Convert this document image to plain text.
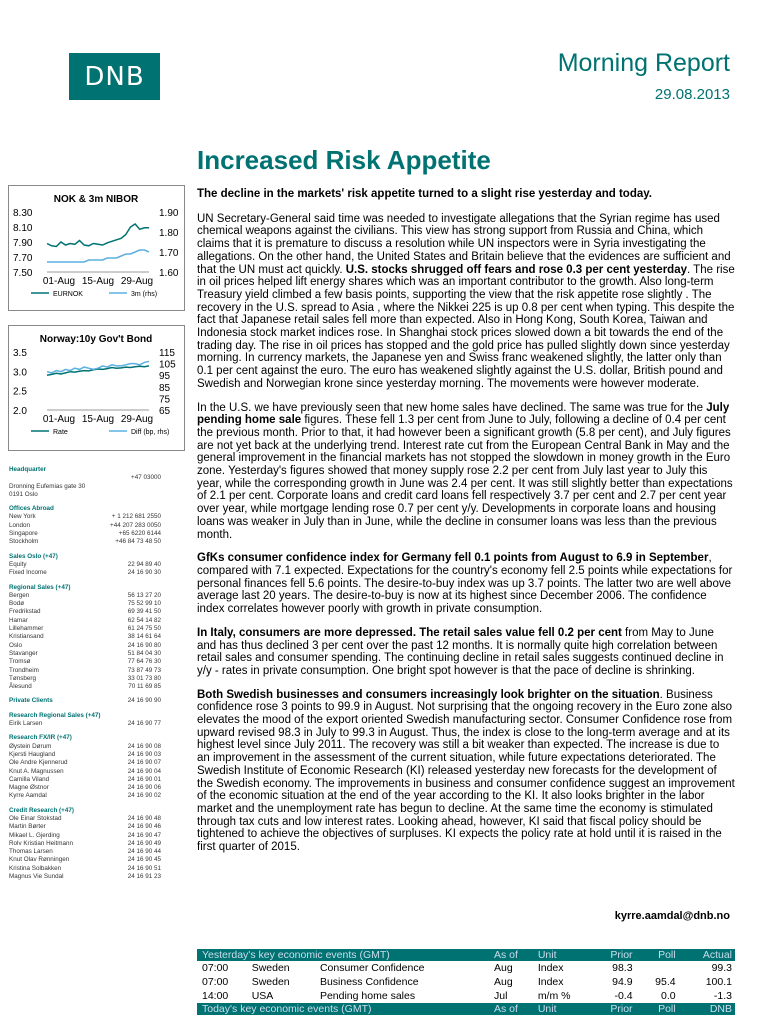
DNB	Morning Report
29.08.2013
Increased Risk Appetite
NOK & 3m NIBOR
8.30
8.10
7.90
7.70
7.50
1.90
1.80
1.70
1.60
01-Aug 15-Aug 29-Aug
EURNOK	3m (rhs)
Norway:10y Gov't Bond
3.5
3.0
2.5
2.0
115
105
95
85
75
65
01-Aug 15-Aug 29-Aug
Rate	Diff (bp, rhs)
Headquarter
+47 03000
Dronning Eufemias gate 30
0191 Oslo
Offices Abroad
New York	+ 1 212 681 2550
London	+44 207 283 0050
Singapore	+65 6220 6144
Stockholm	+46 84 73 48 50
Sales Oslo (+47)
Equity	22 94 89 40
Fixed Income	24 16 90 30
Regional Sales (+47)
Bergen	56 13 27 20
Bodø	75 52 99 10
Fredrikstad	69 39 41 50
Hamar	62 54 14 82
Lillehammer	61 24 75 50
Kristiansand	38 14 61 64
Oslo	24 16 90 80
Stavanger	51 84 04 30
Tromsø	77 64 76 30
Trondheim	73 87 49 73
Tønsberg	33 01 73 80
Ålesund	70 11 69 85
Private Clients	24 16 90 90
Research Regional Sales (+47)
Eirik Larsen	24 16 90 77
Research FX/IR (+47)
Øystein Dørum	24 16 90 08
Kjersti Haugland	24 16 90 03
Ole Andre Kjennerud	24 16 90 07
Knut A. Magnussen	24 16 90 04
Camilla Viland	24 16 90 01
Magne Østnor	24 16 90 06
Kyrre Aamdal	24 16 90 02
Credit Research (+47)
Ole Einar Stokstad	24 16 90 48
Martin Børter	24 16 90 46
Mikael L. Gjerding	24 16 90 47
Rolv Kristian Heitmann	24 16 90 49
Thomas Larsen	24 16 90 44
Knut Olav Rønningen	24 16 90 45
Kristina Solbakken	24 16 90 51
Magnus Vie Sundal	24 16 91 23

The decline in the markets' risk appetite turned to a slight rise yesterday and today.

UN Secretary-General said time was needed to investigate allegations that the Syrian regime has used chemical weapons against the civilians. This view has strong support from Russia and China, which claims that it is premature to discuss a resolution while UN inspectors were in Syria investigating the allegations. On the other hand, the United States and Britain believe that the evidences are sufficient and that the UN must act quickly. U.S. stocks shrugged off fears and rose 0.3 per cent yesterday. The rise in oil prices helped lift energy shares which was an important contributor to the growth. Also long-term Treasury yield climbed a few basis points, supporting the view that the risk appetite rose slightly . The recovery in the U.S. spread to Asia , where the Nikkei 225 is up 0.8 per cent when typing. This despite the fact that Japanese retail sales fell more than expected. Also in Hong Kong, South Korea, Taiwan and Indonesia stock market indices rose. In Shanghai stock prices slowed down a bit towards the end of the trading day. The rise in oil prices has stopped and the gold price has pulled slightly down since yesterday morning. In currency markets, the Japanese yen and Swiss franc weakened slightly, the latter only than 0.1 per cent against the euro. The euro has weakened slightly against the U.S. dollar, British pound and Swedish and Norwegian krone since yesterday morning. The movements were however moderate.

In the U.S. we have previously seen that new home sales have declined. The same was true for the July pending home sale figures. These fell 1.3 per cent from June to July, following a decline of 0.4 per cent the previous month. Prior to that, it had however been a significant growth (5.8 per cent), and July figures are not yet back at the underlying trend. Interest rate cut from the European Central Bank in May and the general improvement in the financial markets has not stopped the slowdown in money growth in the Euro zone. Yesterday's figures showed that money supply rose 2.2 per cent from July last year to July this year, while the corresponding growth in June was 2.4 per cent. It was still slightly better than expectations of 2.1 per cent. Corporate loans and credit card loans fell respectively 3.7 per cent and 2.7 per cent year over year, while mortgage lending rose 0.7 per cent y/y. Developments in corporate loans and housing loans was weaker in July than in June, while the decline in consumer loans was less than the previous month.

GfKs consumer confidence index for Germany fell 0.1 points from August to 6.9 in September, compared with 7.1 expected. Expectations for the country's economy fell 2.5 points while expectations for personal finances fell 5.6 points. The desire-to-buy index was up 3.7 points. The latter two are well above average last 20 years. The desire-to-buy is now at its highest since December 2006. The confidence index correlates however poorly with growth in private consumption.

In Italy, consumers are more depressed. The retail sales value fell 0.2 per cent from May to June and has thus declined 3 per cent over the past 12 months. It is normally quite high correlation between retail sales and consumer spending. The continuing decline in retail sales suggests continued decline in y/y - rates in private consumption. One bright spot however is that the pace of decline is shrinking.

Both Swedish businesses and consumers increasingly look brighter on the situation. Business confidence rose 3 points to 99.9 in August. Not surprising that the ongoing recovery in the Euro zone also elevates the mood of the export oriented Swedish manufacturing sector. Consumer Confidence rose from upward revised 98.3 in July to 99.3 in August. Thus, the index is close to the long-term average and at its highest level since July 2011. The recovery was still a bit weaker than expected. The increase is due to an improvement in the assessment of the current situation, while future expectations deteriorated. The Swedish Institute of Economic Research (KI) released yesterday new forecasts for the development of the Swedish economy. The improvements in business and consumer confidence suggest an improvement of the economic situation at the end of the year according to the KI. It also looks brighter in the labor market and the unemployment rate has begun to decline. At the same time the economy is stimulated through tax cuts and low interest rates. Looking ahead, however, KI said that fiscal policy should be tightened to achieve the objectives of surpluses. KI expects the policy rate at hold until it is raised in the first quarter of 2015.

kyrre.aamdal@dnb.no
Yesterday's key economic events (GMT)			As of	Unit	Prior	Poll	Actual
07:00	Sweden	Consumer Confidence	Aug	Index	98.3		99.3
07:00	Sweden	Business Confidence	Aug	Index	94.9	95.4	100.1
14:00	USA	Pending home sales	Jul	m/m %	-0.4	0.0	-1.3
Today's key economic events (GMT)			As of	Unit	Prior	Poll	DNB
